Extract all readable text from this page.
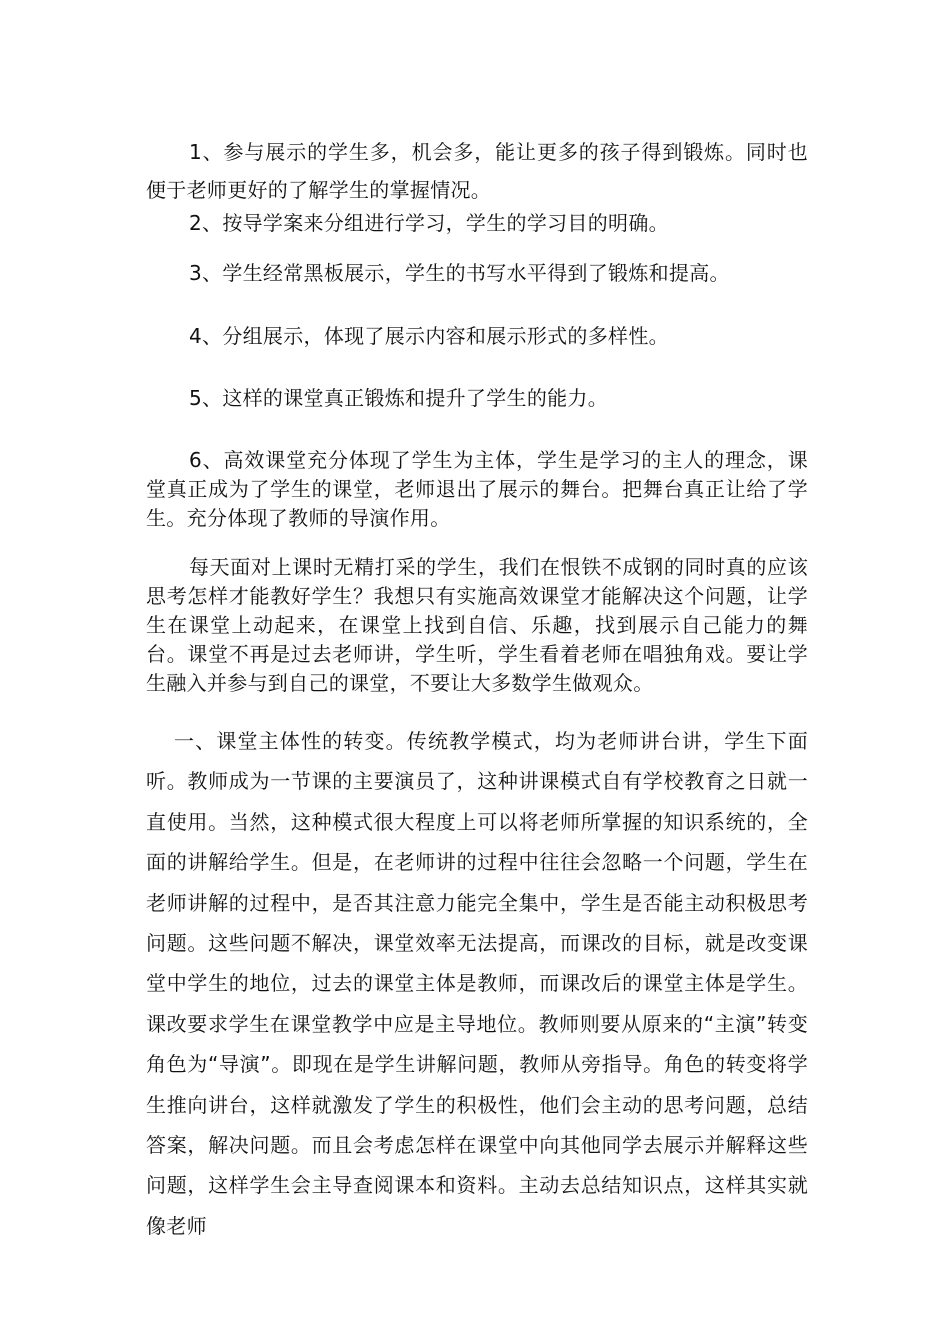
1、参与展示的学生多，机会多，能让更多的孩子得到锻炼。同时也便于老师更好的了解学生的掌握情况。

2、按导学案来分组进行学习，学生的学习目的明确。

3、学生经常黑板展示，学生的书写水平得到了锻炼和提高。

4、分组展示，体现了展示内容和展示形式的多样性。

5、这样的课堂真正锻炼和提升了学生的能力。

6、高效课堂充分体现了学生为主体，学生是学习的主人的理念，课堂真正成为了学生的课堂，老师退出了展示的舞台。把舞台真正让给了学生。充分体现了教师的导演作用。

每天面对上课时无精打采的学生，我们在恨铁不成钢的同时真的应该思考怎样才能教好学生？我想只有实施高效课堂才能解决这个问题，让学生在课堂上动起来，在课堂上找到自信、乐趣，找到展示自己能力的舞台。课堂不再是过去老师讲，学生听，学生看着老师在唱独角戏。要让学生融入并参与到自己的课堂，不要让大多数学生做观众。

一、课堂主体性的转变。传统教学模式，均为老师讲台讲，学生下面听。教师成为一节课的主要演员了，这种讲课模式自有学校教育之日就一直使用。当然，这种模式很大程度上可以将老师所掌握的知识系统的，全面的讲解给学生。但是，在老师讲的过程中往往会忽略一个问题，学生在老师讲解的过程中，是否其注意力能完全集中，学生是否能主动积极思考问题。这些问题不解决，课堂效率无法提高，而课改的目标，就是改变课堂中学生的地位，过去的课堂主体是教师，而课改后的课堂主体是学生。课改要求学生在课堂教学中应是主导地位。教师则要从原来的“主演”转变角色为“导演”。即现在是学生讲解问题，教师从旁指导。角色的转变将学生推向讲台，这样就激发了学生的积极性，他们会主动的思考问题，总结答案，解决问题。而且会考虑怎样在课堂中向其他同学去展示并解释这些问题，这样学生会主导查阅课本和资料。主动去总结知识点，这样其实就像老师
